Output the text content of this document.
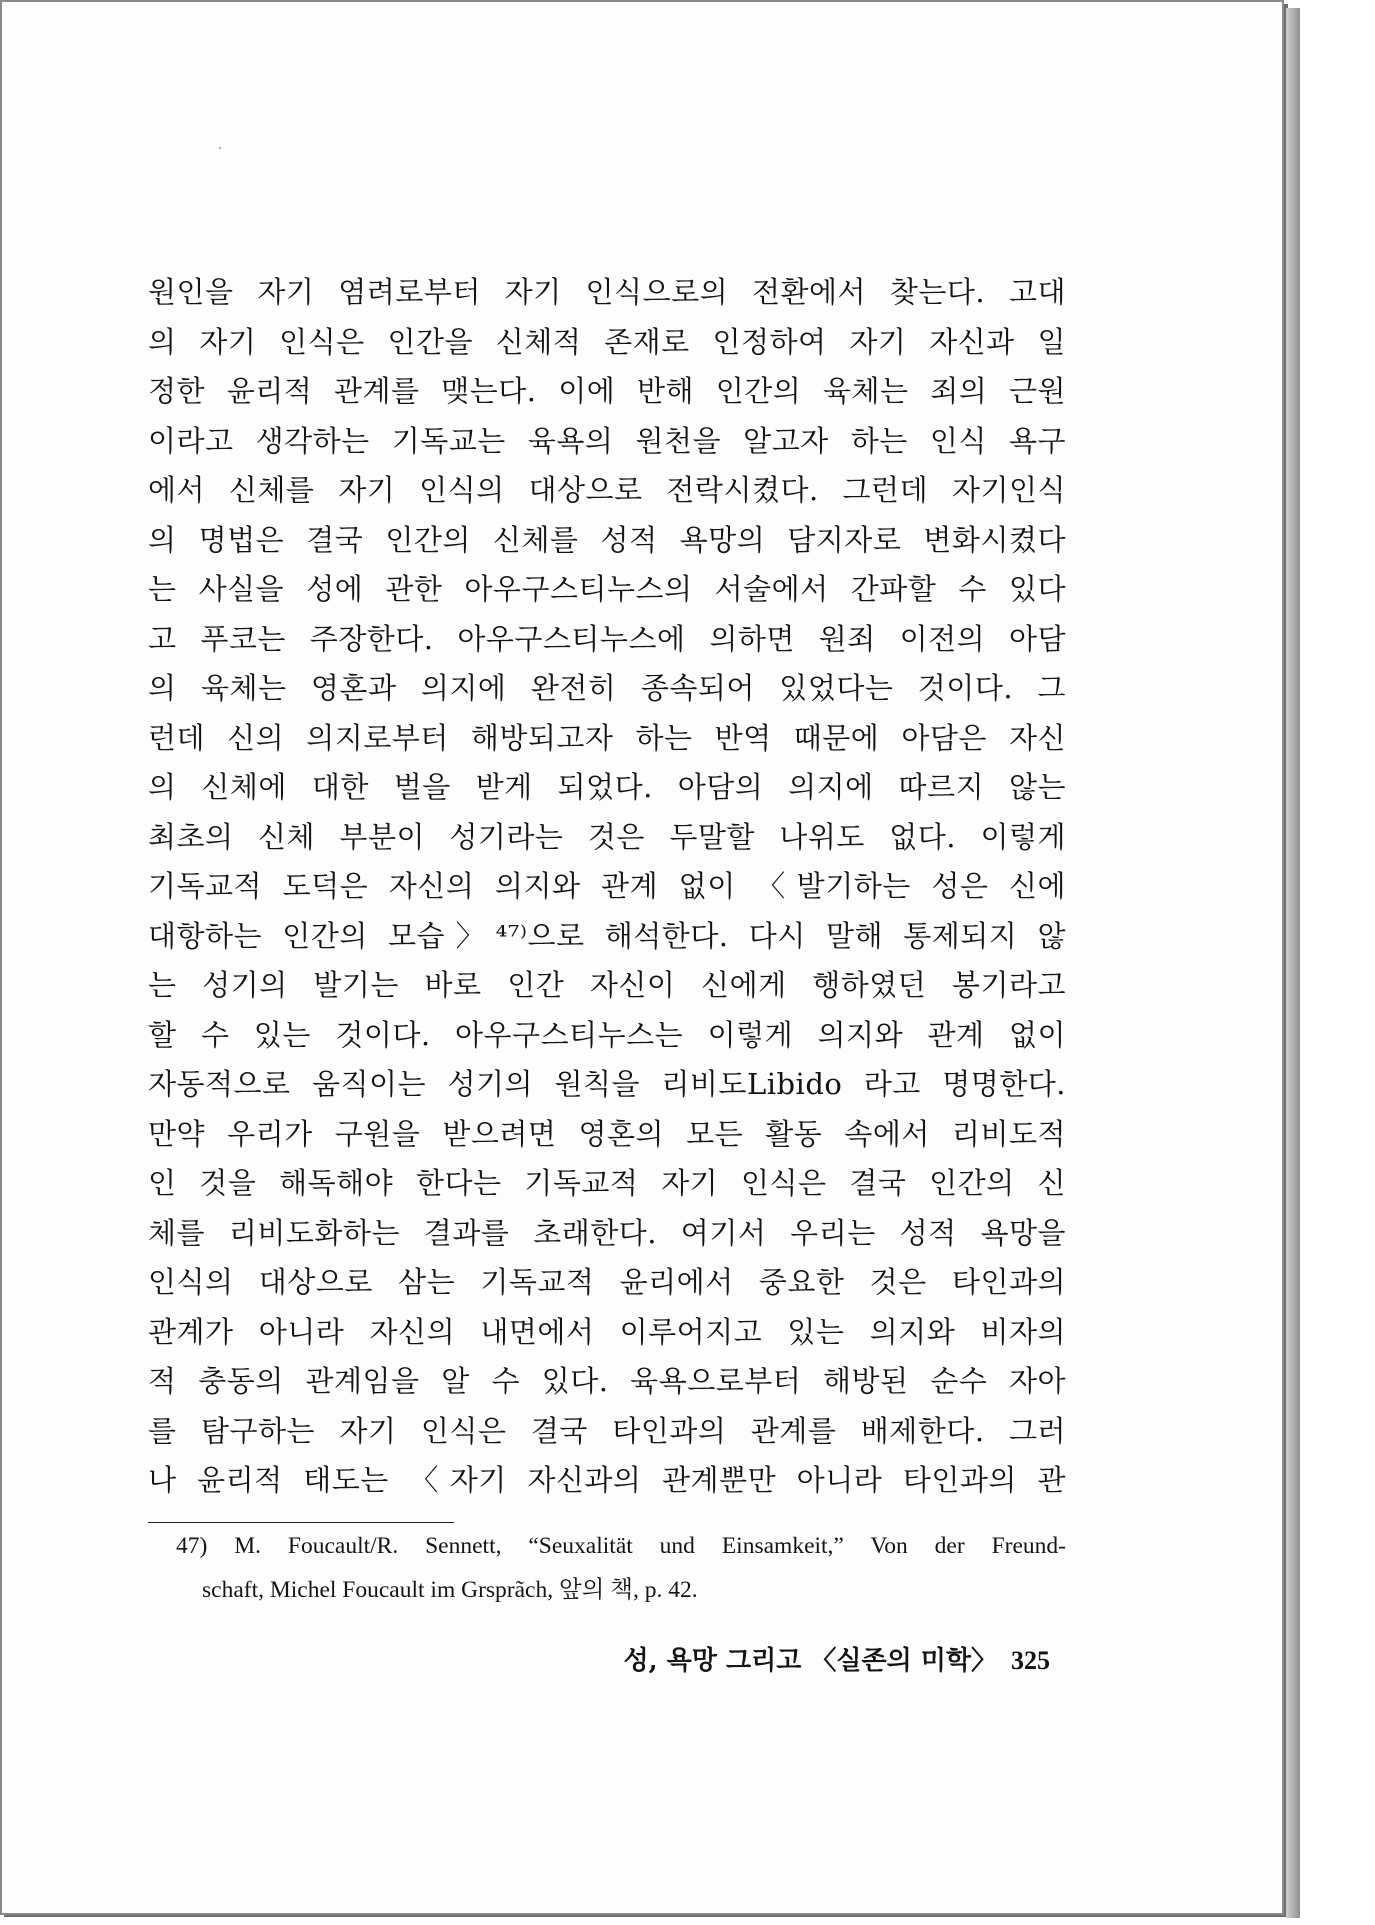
원인을 자기 염려로부터 자기 인식으로의 전환에서 찾는다. 고대
의 자기 인식은 인간을 신체적 존재로 인정하여 자기 자신과 일
정한 윤리적 관계를 맺는다. 이에 반해 인간의 육체는 죄의 근원
이라고 생각하는 기독교는 육욕의 원천을 알고자 하는 인식 욕구
에서 신체를 자기 인식의 대상으로 전락시켰다. 그런데 자기인식
의 명법은 결국 인간의 신체를 성적 욕망의 담지자로 변화시켰다
는 사실을 성에 관한 아우구스티누스의 서술에서 간파할 수 있다
고 푸코는 주장한다. 아우구스티누스에 의하면 원죄 이전의 아담
의 육체는 영혼과 의지에 완전히 종속되어 있었다는 것이다. 그
런데 신의 의지로부터 해방되고자 하는 반역 때문에 아담은 자신
의 신체에 대한 벌을 받게 되었다. 아담의 의지에 따르지 않는
최초의 신체 부분이 성기라는 것은 두말할 나위도 없다. 이렇게
기독교적 도덕은 자신의 의지와 관계 없이 〈발기하는 성은 신에
대항하는 인간의 모습〉⁴⁷⁾으로 해석한다. 다시 말해 통제되지 않
는 성기의 발기는 바로 인간 자신이 신에게 행하였던 봉기라고
할 수 있는 것이다. 아우구스티누스는 이렇게 의지와 관계 없이
자동적으로 움직이는 성기의 원칙을 리비도Libido 라고 명명한다.
만약 우리가 구원을 받으려면 영혼의 모든 활동 속에서 리비도적
인 것을 해독해야 한다는 기독교적 자기 인식은 결국 인간의 신
체를 리비도화하는 결과를 초래한다. 여기서 우리는 성적 욕망을
인식의 대상으로 삼는 기독교적 윤리에서 중요한 것은 타인과의
관계가 아니라 자신의 내면에서 이루어지고 있는 의지와 비자의
적 충동의 관계임을 알 수 있다. 육욕으로부터 해방된 순수 자아
를 탐구하는 자기 인식은 결국 타인과의 관계를 배제한다. 그러
나 윤리적 태도는 〈자기 자신과의 관계뿐만 아니라 타인과의 관
47) M. Foucault/R. Sennett, “Seuxalität und Einsamkeit,” Von der Freund-
schaft, Michel Foucault im Grsprãch, 앞의 책, p. 42.
성, 욕망 그리고 〈실존의 미학〉 325
